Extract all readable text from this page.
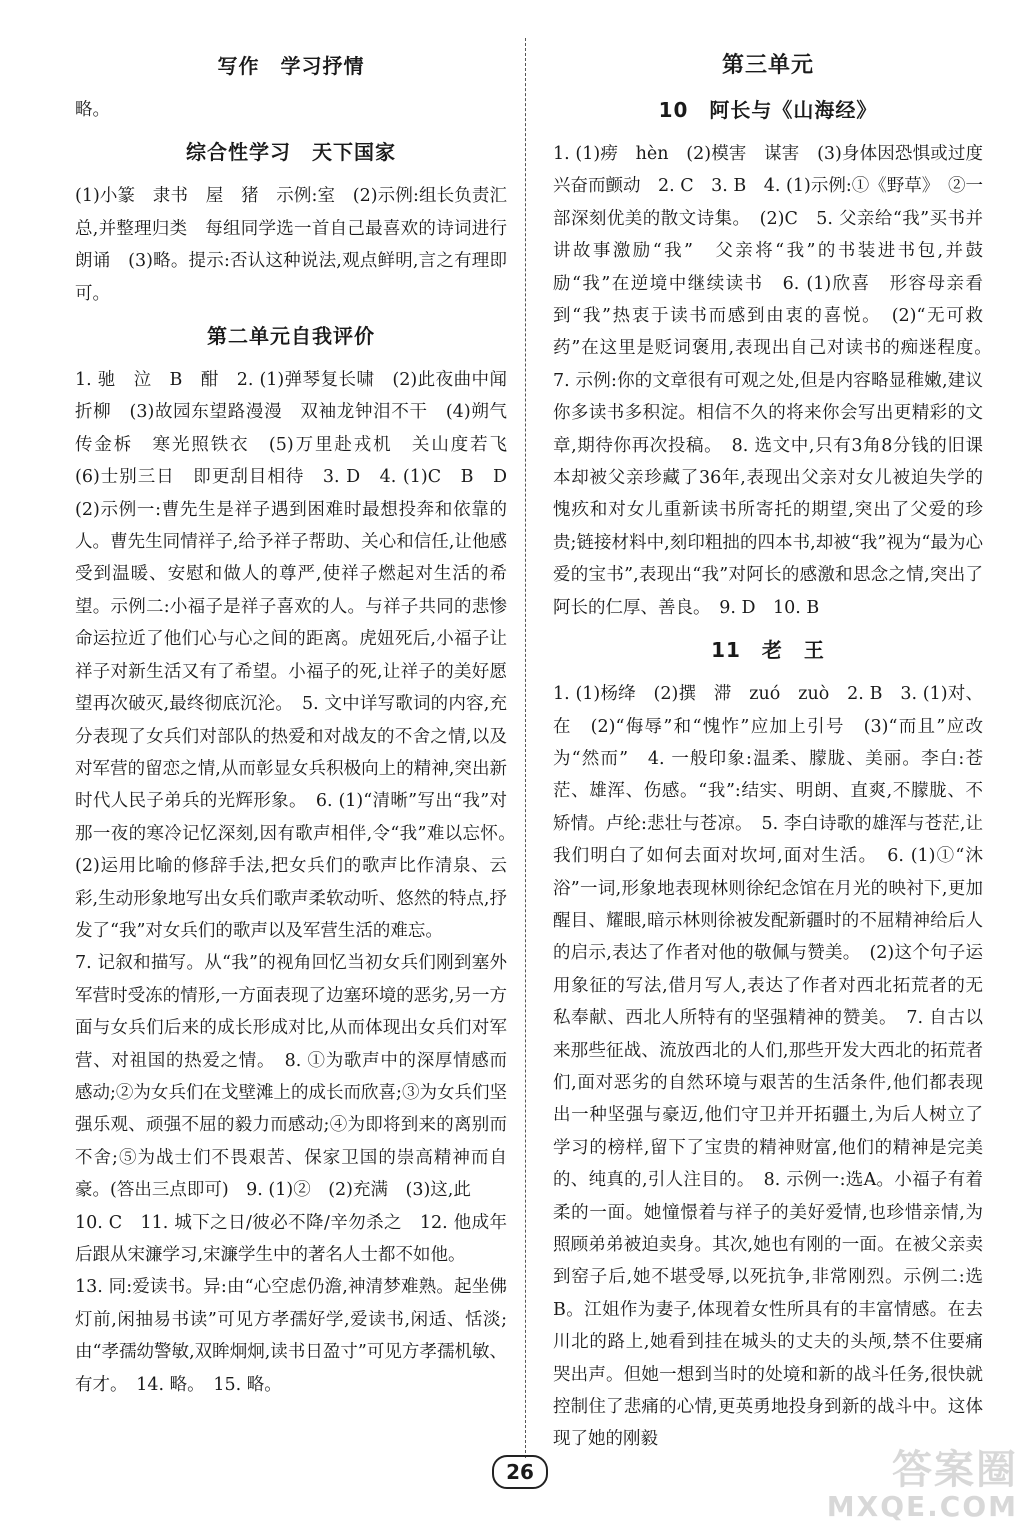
写作　学习抒情

略。

综合性学习　天下国家

(1)小篆　隶书　屋　猪　示例:室　(2)示例:组长负责汇总,并整理归类　每组同学选一首自己最喜欢的诗词进行朗诵　(3)略。提示:否认这种说法,观点鲜明,言之有理即可。

第二单元自我评价

1. 驰　泣　B　酣　2. (1)弹琴复长啸　(2)此夜曲中闻折柳　(3)故园东望路漫漫　双袖龙钟泪不干　(4)朔气传金柝　寒光照铁衣　(5)万里赴戎机　关山度若飞　(6)士别三日　即更刮目相待　3. D　4. (1)C　B　D　(2)示例一:曹先生是祥子遇到困难时最想投奔和依靠的人。曹先生同情祥子,给予祥子帮助、关心和信任,让他感受到温暖、安慰和做人的尊严,使祥子燃起对生活的希望。示例二:小福子是祥子喜欢的人。与祥子共同的悲惨命运拉近了他们心与心之间的距离。虎妞死后,小福子让祥子对新生活又有了希望。小福子的死,让祥子的美好愿望再次破灭,最终彻底沉沦。　5. 文中详写歌词的内容,充分表现了女兵们对部队的热爱和对战友的不舍之情,以及对军营的留恋之情,从而彰显女兵积极向上的精神,突出新时代人民子弟兵的光辉形象。　6. (1)“清晰”写出“我”对那一夜的寒冷记忆深刻,因有歌声相伴,令“我”难以忘怀。　(2)运用比喻的修辞手法,把女兵们的歌声比作清泉、云彩,生动形象地写出女兵们歌声柔软动听、悠然的特点,抒发了“我”对女兵们的歌声以及军营生活的难忘。

7. 记叙和描写。从“我”的视角回忆当初女兵们刚到塞外军营时受冻的情形,一方面表现了边塞环境的恶劣,另一方面与女兵们后来的成长形成对比,从而体现出女兵们对军营、对祖国的热爱之情。　8. ①为歌声中的深厚情感而感动;②为女兵们在戈壁滩上的成长而欣喜;③为女兵们坚强乐观、顽强不屈的毅力而感动;④为即将到来的离别而不舍;⑤为战士们不畏艰苦、保家卫国的崇高精神而自豪。(答出三点即可)　9. (1)②　(2)充满　(3)这,此

10. C　11. 城下之日/彼必不降/辛勿杀之　12. 他成年后跟从宋濂学习,宋濂学生中的著名人士都不如他。

13. 同:爱读书。异:由“心空虑仍澹,神清梦难熟。起坐佛灯前,闲抽易书读”可见方孝孺好学,爱读书,闲适、恬淡;由“孝孺幼警敏,双眸炯炯,读书日盈寸”可见方孝孺机敏、有才。　14. 略。　15. 略。

第三单元
10　阿长与《山海经》

1. (1)痨　hèn　(2)模害　谋害　(3)身体因恐惧或过度兴奋而颤动　2. C　3. B　4. (1)示例:①《野草》　②一部深刻优美的散文诗集。　(2)C　5. 父亲给“我”买书并讲故事激励“我”　父亲将“我”的书装进书包,并鼓励“我”在逆境中继续读书　6. (1)欣喜　形容母亲看到“我”热衷于读书而感到由衷的喜悦。　(2)“无可救药”在这里是贬词褒用,表现出自己对读书的痴迷程度。　7. 示例:你的文章很有可观之处,但是内容略显稚嫩,建议你多读书多积淀。相信不久的将来你会写出更精彩的文章,期待你再次投稿。　8. 选文中,只有3角8分钱的旧课本却被父亲珍藏了36年,表现出父亲对女儿被迫失学的愧疚和对女儿重新读书所寄托的期望,突出了父爱的珍贵;链接材料中,刻印粗拙的四本书,却被“我”视为“最为心爱的宝书”,表现出“我”对阿长的感激和思念之情,突出了阿长的仁厚、善良。　9. D　10. B

11　老　王

1. (1)杨绛　(2)撰　滞　zuó　zuò　2. B　3. (1)对、在　(2)“侮辱”和“愧怍”应加上引号　(3)“而且”应改为“然而”　4. 一般印象:温柔、朦胧、美丽。李白:苍茫、雄浑、伤感。“我”:结实、明朗、直爽,不朦胧、不矫情。卢纶:悲壮与苍凉。　5. 李白诗歌的雄浑与苍茫,让我们明白了如何去面对坎坷,面对生活。　6. (1)①“沐浴”一词,形象地表现林则徐纪念馆在月光的映衬下,更加醒目、耀眼,暗示林则徐被发配新疆时的不屈精神给后人的启示,表达了作者对他的敬佩与赞美。　(2)这个句子运用象征的写法,借月写人,表达了作者对西北拓荒者的无私奉献、西北人所特有的坚强精神的赞美。　7. 自古以来那些征战、流放西北的人们,那些开发大西北的拓荒者们,面对恶劣的自然环境与艰苦的生活条件,他们都表现出一种坚强与豪迈,他们守卫并开拓疆土,为后人树立了学习的榜样,留下了宝贵的精神财富,他们的精神是完美的、纯真的,引人注目的。　8. 示例一:选A。小福子有着柔的一面。她憧憬着与祥子的美好爱情,也珍惜亲情,为照顾弟弟被迫卖身。其次,她也有刚的一面。在被父亲卖到窑子后,她不堪受辱,以死抗争,非常刚烈。示例二:选B。江姐作为妻子,体现着女性所具有的丰富情感。在去川北的路上,她看到挂在城头的丈夫的头颅,禁不住要痛哭出声。但她一想到当时的处境和新的战斗任务,很快就控制住了悲痛的心情,更英勇地投身到新的战斗中。这体现了她的刚毅

26	答案圈
MXQE.COM
